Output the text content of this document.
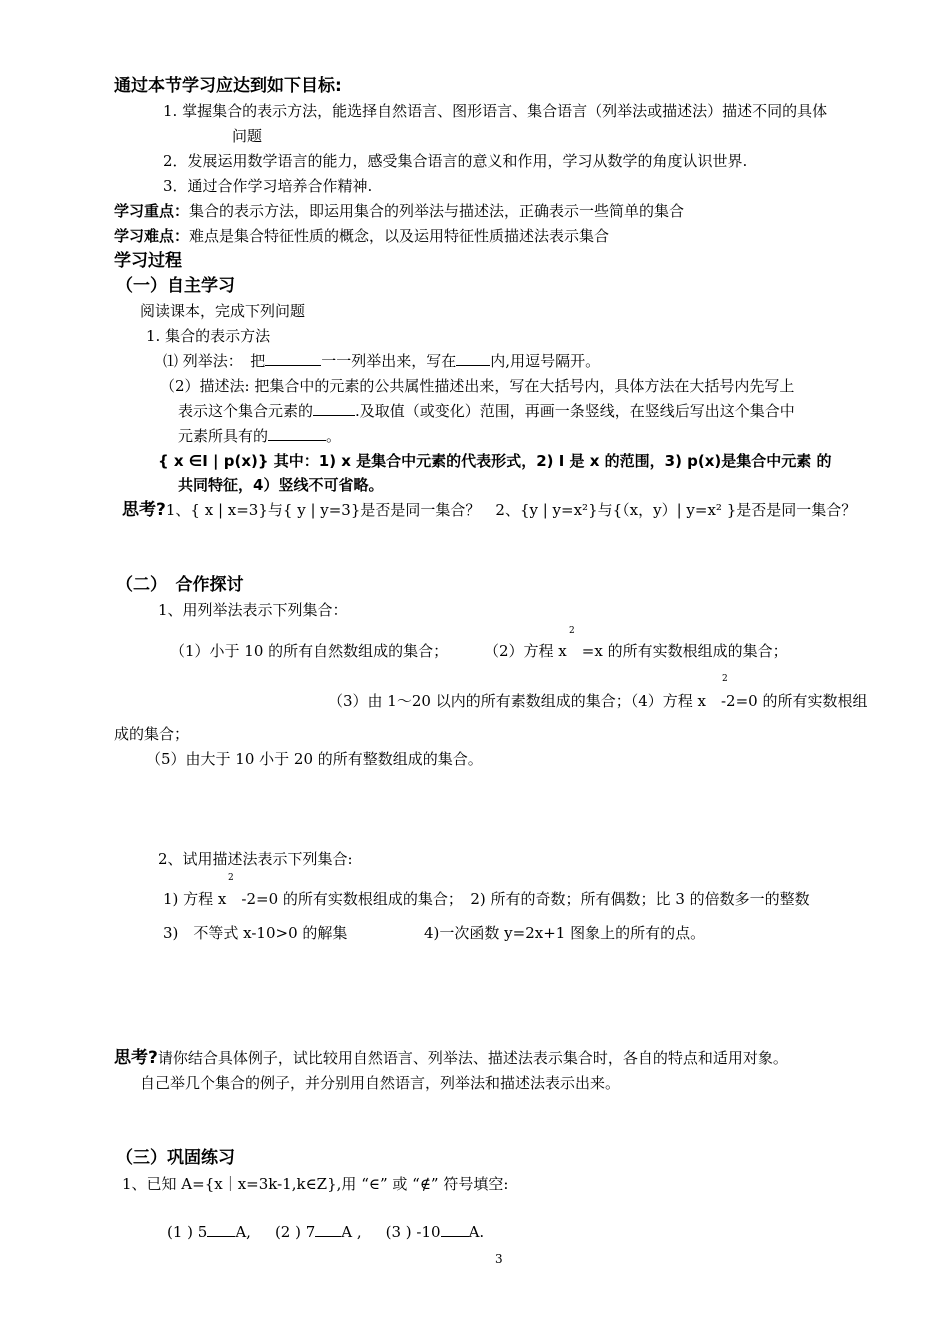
通过本节学习应达到如下目标:
1. 掌握集合的表示方法，能选择自然语言、图形语言、集合语言（列举法或描述法）描述不同的具体
问题
2．发展运用数学语言的能力，感受集合语言的意义和作用，学习从数学的角度认识世界.
3．通过合作学习培养合作精神.
学习重点：集合的表示方法，即运用集合的列举法与描述法，正确表示一些简单的集合
学习难点：难点是集合特征性质的概念，以及运用特征性质描述法表示集合
学习过程
（一）自主学习
阅读课本，完成下列问题
1. 集合的表示方法
⑴ 列举法：　把	一一列举出来，写在 内,用逗号隔开。
（2）描述法: 把集合中的元素的公共属性描述出来，写在大括号内，具体方法在大括号内先写上
表示这个集合元素的	.及取值（或变化）范围，再画一条竖线，在竖线后写出这个集合中
元素所具有的	。
{ x ∈I | p(x)} 其中：1) x 是集合中元素的代表形式，2) I 是 x 的范围，3) p(x)是集合中元素 的
共同特征，4）竖线不可省略。
思考?1、{ x | x=3}与{ y | y=3}是否是同一集合？　2、{y | y=x²}与{（x，y）| y=x² }是否是同一集合？
（二）　合作探讨
1、用列举法表示下列集合：
2
（1）小于 10 的所有自然数组成的集合； （2）方程 x　=x 的所有实数根组成的集合；
2
（3）由 1～20 以内的所有素数组成的集合；（4）方程 x　-2=0 的所有实数根组
成的集合；
（5）由大于 10 小于 20 的所有整数组成的集合。
2、试用描述法表示下列集合:
2
1) 方程 x　-2=0 的所有实数根组成的集合；　2) 所有的奇数；所有偶数；比 3 的倍数多一的整数
3)　不等式 x-10>0 的解集	4)一次函数 y=2x+1 图象上的所有的点。
思考?请你结合具体例子，试比较用自然语言、列举法、描述法表示集合时，各自的特点和适用对象。
自己举几个集合的例子，并分别用自然语言，列举法和描述法表示出来。
（三）巩固练习
1、已知 A={x｜x=3k-1,k∈Z},用 “∈” 或 “∉” 符号填空:
(1 ) 5 A, (2 ) 7 A , (3 ) -10 A.
3
